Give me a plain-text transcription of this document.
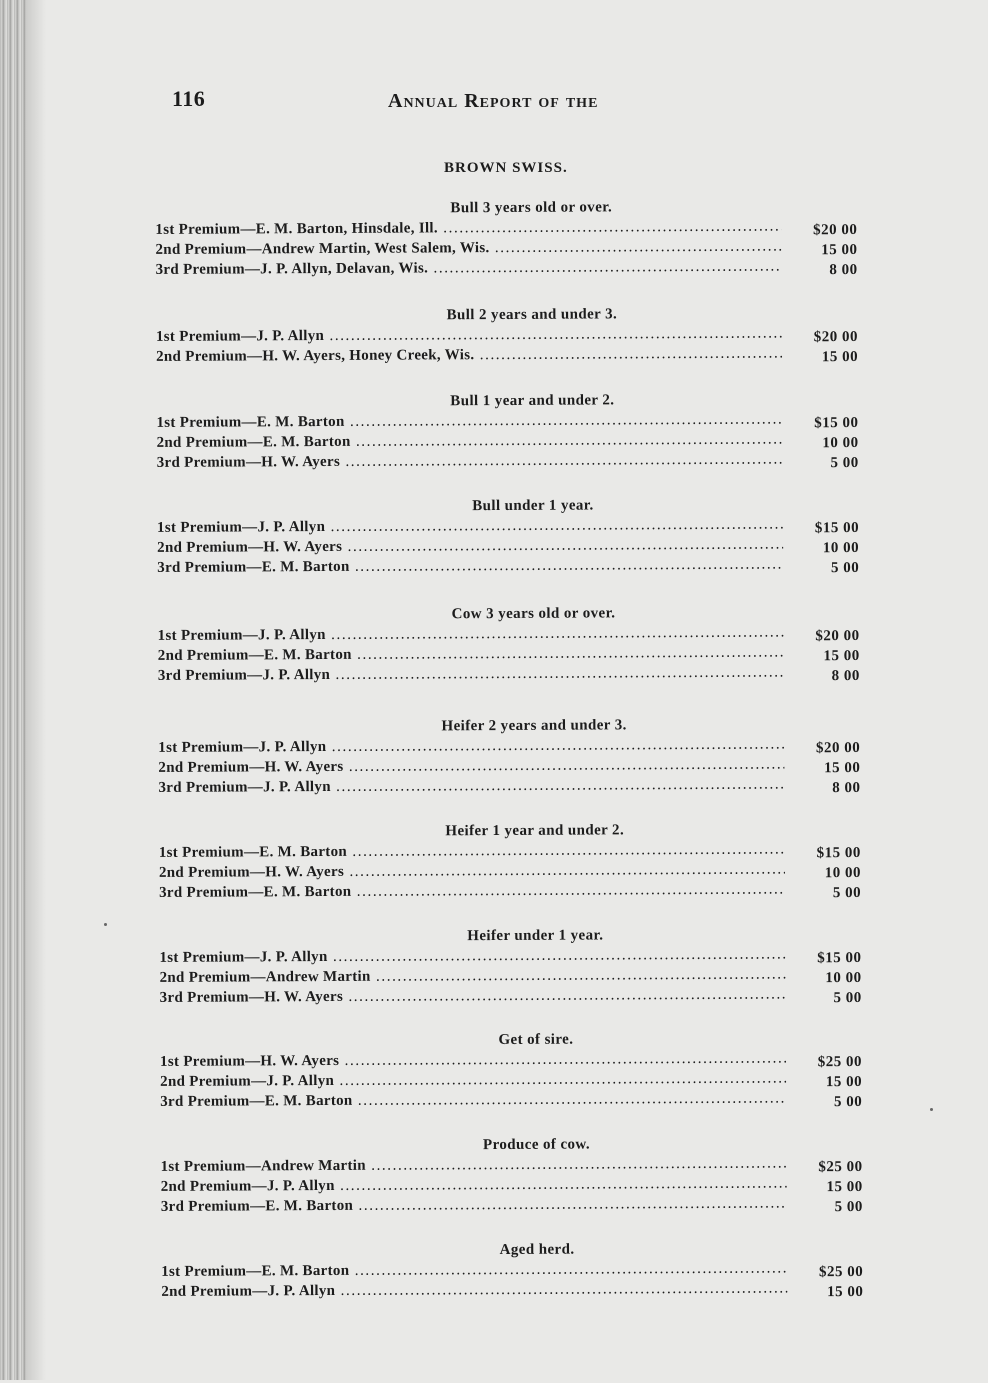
116	Annual Report of the
BROWN SWISS.
Bull 3 years old or over.
1st Premium—E. M. Barton, Hinsdale, Ill. .....	$20 00
2nd Premium—Andrew Martin, West Salem, Wis. .....	15 00
3rd Premium—J. P. Allyn, Delavan, Wis. .....	8 00
Bull 2 years and under 3.
1st Premium—J. P. Allyn .....	$20 00
2nd Premium—H. W. Ayers, Honey Creek, Wis. .....	15 00
Bull 1 year and under 2.
1st Premium—E. M. Barton .....	$15 00
2nd Premium—E. M. Barton .....	10 00
3rd Premium—H. W. Ayers .....	5 00
Bull under 1 year.
1st Premium—J. P. Allyn .....	$15 00
2nd Premium—H. W. Ayers .....	10 00
3rd Premium—E. M. Barton .....	5 00
Cow 3 years old or over.
1st Premium—J. P. Allyn .....	$20 00
2nd Premium—E. M. Barton .....	15 00
3rd Premium—J. P. Allyn .....	8 00
Heifer 2 years and under 3.
1st Premium—J. P. Allyn .....	$20 00
2nd Premium—H. W. Ayers .....	15 00
3rd Premium—J. P. Allyn .....	8 00
Heifer 1 year and under 2.
1st Premium—E. M. Barton .....	$15 00
2nd Premium—H. W. Ayers .....	10 00
3rd Premium—E. M. Barton .....	5 00
Heifer under 1 year.
1st Premium—J. P. Allyn .....	$15 00
2nd Premium—Andrew Martin .....	10 00
3rd Premium—H. W. Ayers .....	5 00
Get of sire.
1st Premium—H. W. Ayers .....	$25 00
2nd Premium—J. P. Allyn .....	15 00
3rd Premium—E. M. Barton .....	5 00
Produce of cow.
1st Premium—Andrew Martin .....	$25 00
2nd Premium—J. P. Allyn .....	15 00
3rd Premium—E. M. Barton .....	5 00
Aged herd.
1st Premium—E. M. Barton .....	$25 00
2nd Premium—J. P. Allyn .....	15 00
